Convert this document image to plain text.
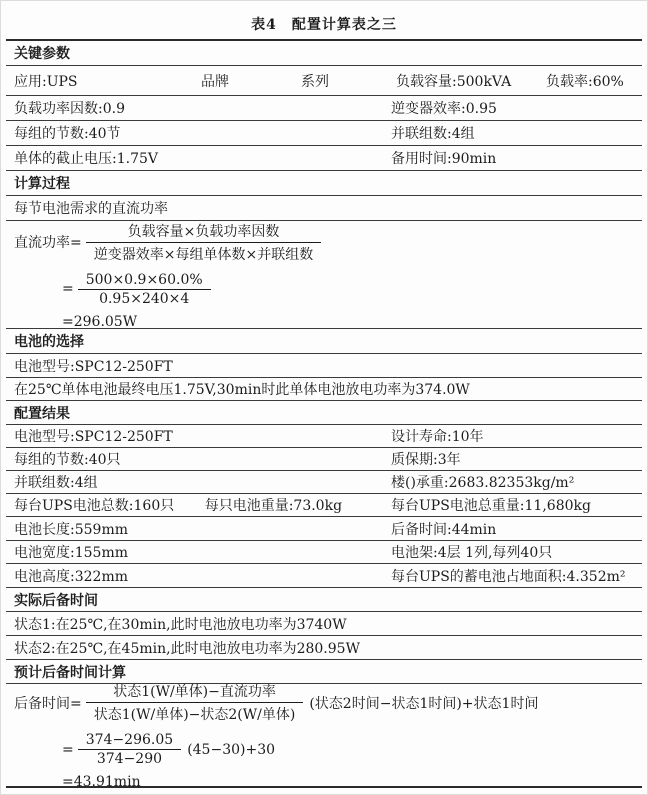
表4　配置计算表之三
关键参数
应用:UPS	品牌	系列	负载容量:500kVA	负载率:60%
负载功率因数:0.9	逆变器效率:0.95
每组的节数:40节	并联组数:4组
单体的截止电压:1.75V	备用时间:90min
计算过程
每节电池需求的直流功率
直流功率= $\frac{\text{负载容量×负载功率因数}}{\text{逆变器效率×每组单体数×并联组数}}$
= $\frac{500\times 0.9\times 60.0\%}{0.95\times 240\times 4}$
=296.05W
电池的选择
电池型号:SPC12-250FT
在25℃单体电池最终电压1.75V,30min时此单体电池放电功率为374.0W
配置结果
电池型号:SPC12-250FT	设计寿命:10年
每组的节数:40只	质保期:3年
并联组数:4组	楼()承重:2683.82353kg/m²
每台UPS电池总数:160只 每只电池重量:73.0kg	每台UPS电池总重量:11,680kg
电池长度:559mm	后备时间:44min
电池宽度:155mm	电池架:4层 1列,每列40只
电池高度:322mm	每台UPS的蓄电池占地面积:4.352m²
实际后备时间
状态1:在25℃,在30min,此时电池放电功率为3740W
状态2:在25℃,在45min,此时电池放电功率为280.95W
预计后备时间计算
后备时间= $\frac{\text{状态1(W/单体)−直流功率}}{\text{状态1(W/单体)−状态2(W/单体)}}$ (状态2时间−状态1时间)+状态1时间
= $\frac{374-296.05}{374-290} (45-30)+30$
=43.91min
